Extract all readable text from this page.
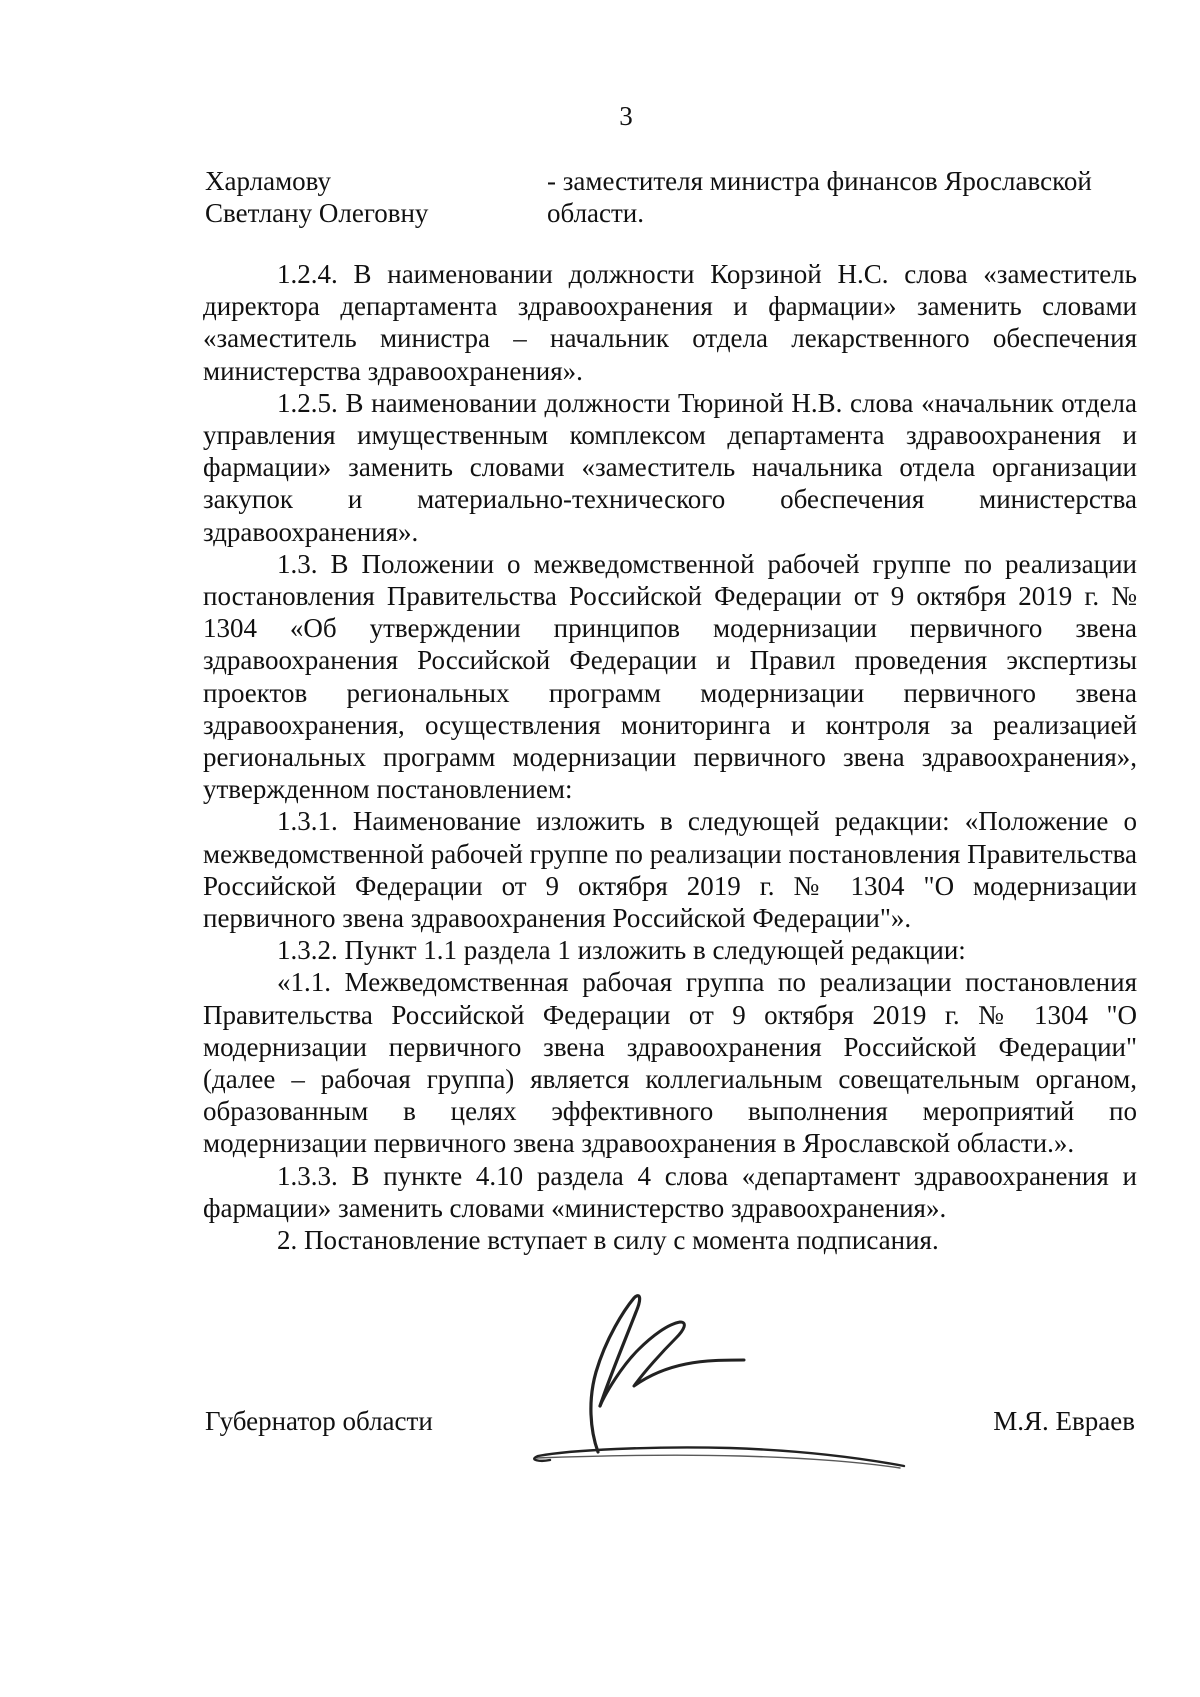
3
Харламову
Светлану Олеговну
- заместителя министра финансов Ярославской
области.

1.2.4. В наименовании должности Корзиной Н.С. слова «заместитель директора департамента здравоохранения и фармации» заменить словами «заместитель министра – начальник отдела лекарственного обеспечения министерства здравоохранения».

1.2.5. В наименовании должности Тюриной Н.В. слова «начальник отдела управления имущественным комплексом департамента здравоохранения и фармации» заменить словами «заместитель начальника отдела организации закупок и материально-технического обеспечения министерства здравоохранения».

1.3. В Положении о межведомственной рабочей группе по реализации постановления Правительства Российской Федерации от 9 октября 2019 г. № 1304 «Об утверждении принципов модернизации первичного звена здравоохранения Российской Федерации и Правил проведения экспертизы проектов региональных программ модернизации первичного звена здравоохранения, осуществления мониторинга и контроля за реализацией региональных программ модернизации первичного звена здравоохранения», утвержденном постановлением:

1.3.1. Наименование изложить в следующей редакции: «Положение о межведомственной рабочей группе по реализации постановления Правительства Российской Федерации от 9 октября 2019 г. № 1304 "О модернизации первичного звена здравоохранения Российской Федерации"».

1.3.2. Пункт 1.1 раздела 1 изложить в следующей редакции:

«1.1. Межведомственная рабочая группа по реализации постановления Правительства Российской Федерации от 9 октября 2019 г. № 1304 "О модернизации первичного звена здравоохранения Российской Федерации" (далее – рабочая группа) является коллегиальным совещательным органом, образованным в целях эффективного выполнения мероприятий по модернизации первичного звена здравоохранения в Ярославской области.».

1.3.3. В пункте 4.10 раздела 4 слова «департамент здравоохранения и фармации» заменить словами «министерство здравоохранения».

2. Постановление вступает в силу с момента подписания.

Губернатор области	М.Я. Евраев
